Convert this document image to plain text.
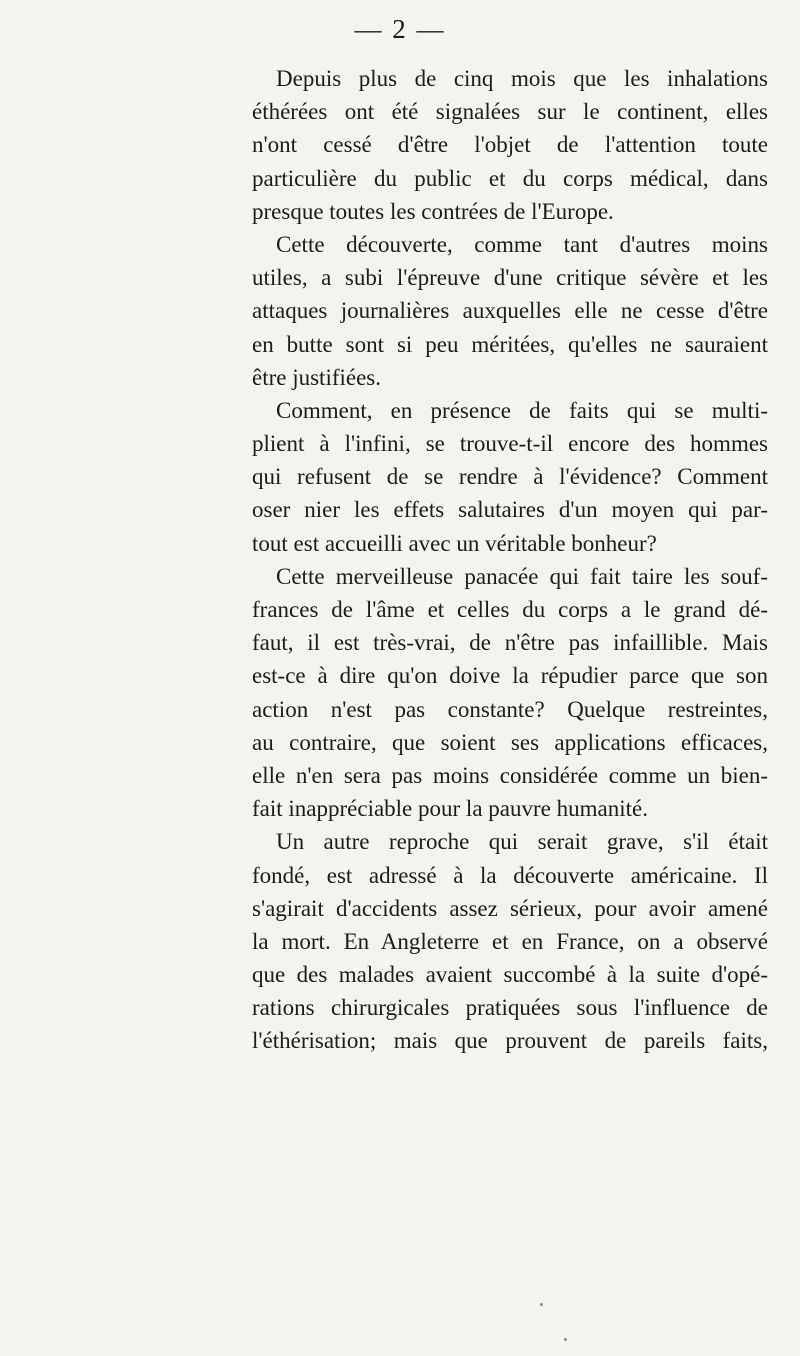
— 2 —
Depuis plus de cinq mois que les inhalations
éthérées ont été signalées sur le continent, elles
n'ont cessé d'être l'objet de l'attention toute
particulière du public et du corps médical, dans
presque toutes les contrées de l'Europe.
Cette découverte, comme tant d'autres moins
utiles, a subi l'épreuve d'une critique sévère et les
attaques journalières auxquelles elle ne cesse d'être
en butte sont si peu méritées, qu'elles ne sauraient
être justifiées.
Comment, en présence de faits qui se multi-
plient à l'infini, se trouve-t-il encore des hommes
qui refusent de se rendre à l'évidence? Comment
oser nier les effets salutaires d'un moyen qui par-
tout est accueilli avec un véritable bonheur?
Cette merveilleuse panacée qui fait taire les souf-
frances de l'âme et celles du corps a le grand dé-
faut, il est très-vrai, de n'être pas infaillible. Mais
est-ce à dire qu'on doive la répudier parce que son
action n'est pas constante? Quelque restreintes,
au contraire, que soient ses applications efficaces,
elle n'en sera pas moins considérée comme un bien-
fait inappréciable pour la pauvre humanité.
Un autre reproche qui serait grave, s'il était
fondé, est adressé à la découverte américaine. Il
s'agirait d'accidents assez sérieux, pour avoir amené
la mort. En Angleterre et en France, on a observé
que des malades avaient succombé à la suite d'opé-
rations chirurgicales pratiquées sous l'influence de
l'éthérisation; mais que prouvent de pareils faits,
